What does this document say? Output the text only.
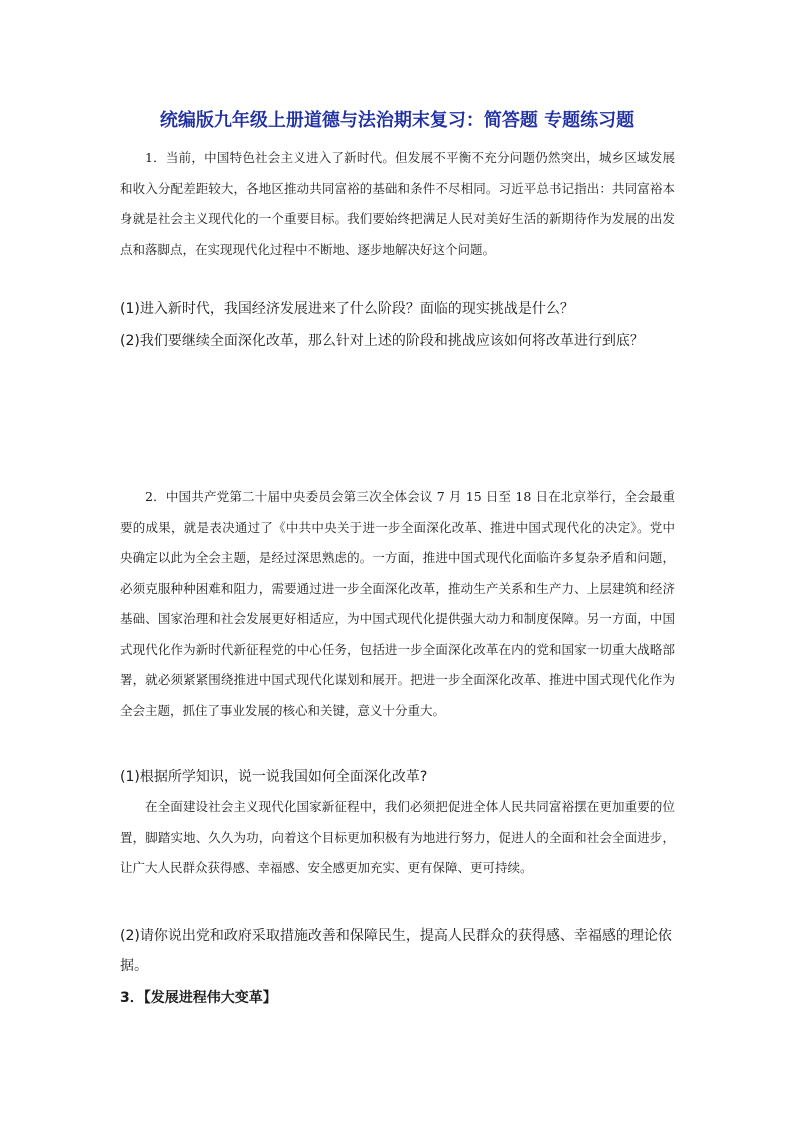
统编版九年级上册道德与法治期末复习：简答题 专题练习题

1．当前，中国特色社会主义进入了新时代。但发展不平衡不充分问题仍然突出，城乡区域发展和收入分配差距较大，各地区推动共同富裕的基础和条件不尽相同。习近平总书记指出：共同富裕本身就是社会主义现代化的一个重要目标。我们要始终把满足人民对美好生活的新期待作为发展的出发点和落脚点，在实现现代化过程中不断地、逐步地解决好这个问题。

(1)进入新时代，我国经济发展进来了什么阶段？面临的现实挑战是什么？

(2)我们要继续全面深化改革，那么针对上述的阶段和挑战应该如何将改革进行到底？

2．中国共产党第二十届中央委员会第三次全体会议 7 月 15 日至 18 日在北京举行，全会最重要的成果，就是表决通过了《中共中央关于进一步全面深化改革、推进中国式现代化的决定》。党中央确定以此为全会主题，是经过深思熟虑的。一方面，推进中国式现代化面临许多复杂矛盾和问题，必须克服种种困难和阻力，需要通过进一步全面深化改革，推动生产关系和生产力、上层建筑和经济基础、国家治理和社会发展更好相适应，为中国式现代化提供强大动力和制度保障。另一方面，中国式现代化作为新时代新征程党的中心任务，包括进一步全面深化改革在内的党和国家一切重大战略部署，就必须紧紧围绕推进中国式现代化谋划和展开。把进一步全面深化改革、推进中国式现代化作为全会主题，抓住了事业发展的核心和关键，意义十分重大。

(1)根据所学知识，说一说我国如何全面深化改革?

在全面建设社会主义现代化国家新征程中，我们必须把促进全体人民共同富裕摆在更加重要的位置，脚踏实地、久久为功，向着这个目标更加积极有为地进行努力，促进人的全面和社会全面进步，让广大人民群众获得感、幸福感、安全感更加充实、更有保障、更可持续。

(2)请你说出党和政府采取措施改善和保障民生，提高人民群众的获得感、幸福感的理论依据。

3．【发展进程伟大变革】
